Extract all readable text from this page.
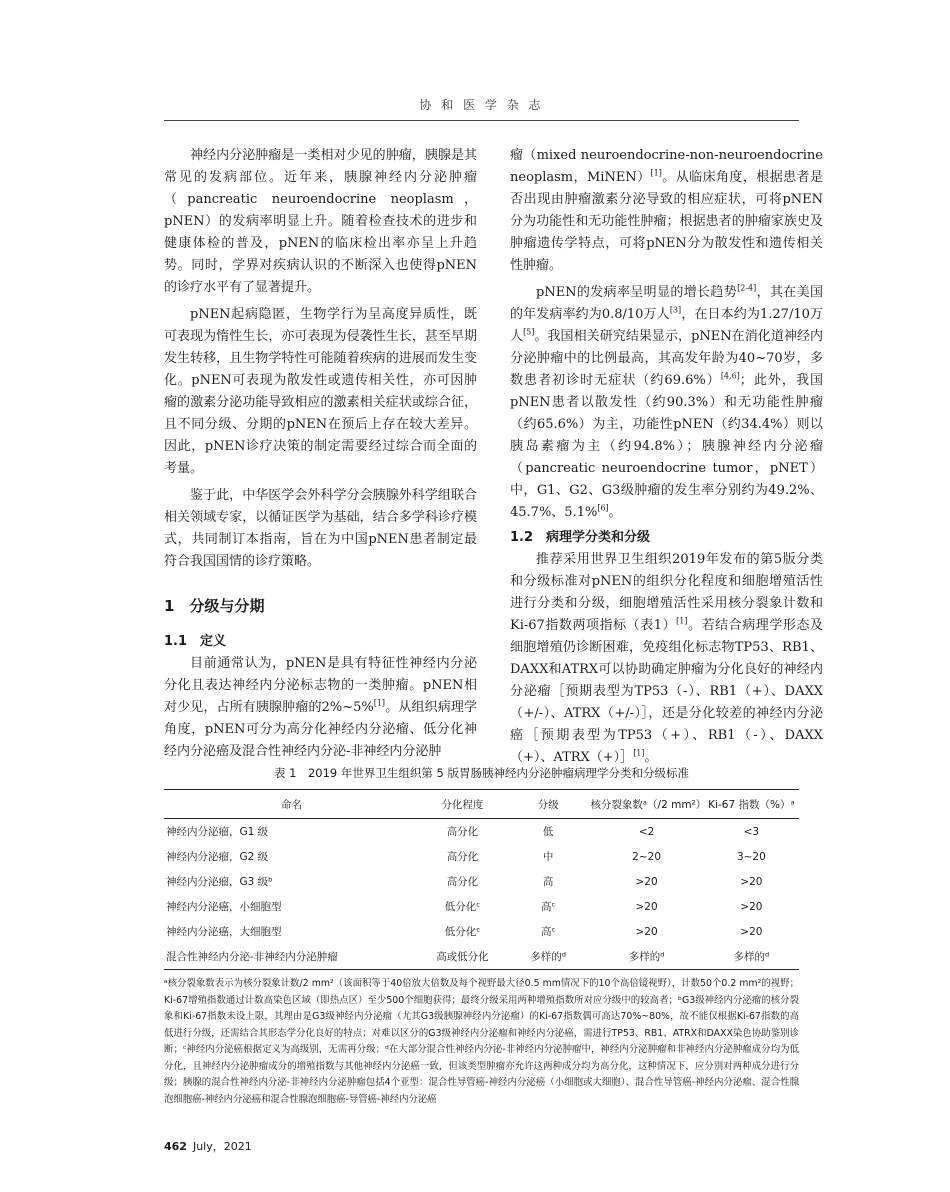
协 和 医 学 杂 志

神经内分泌肿瘤是一类相对少见的肿瘤，胰腺是其常见的发病部位。近年来，胰腺神经内分泌肿瘤（pancreatic neuroendocrine neoplasm，pNEN）的发病率明显上升。随着检查技术的进步和健康体检的普及，pNEN的临床检出率亦呈上升趋势。同时，学界对疾病认识的不断深入也使得pNEN的诊疗水平有了显著提升。

pNEN起病隐匿，生物学行为呈高度异质性，既可表现为惰性生长，亦可表现为侵袭性生长，甚至早期发生转移，且生物学特性可能随着疾病的进展而发生变化。pNEN可表现为散发性或遗传相关性，亦可因肿瘤的激素分泌功能导致相应的激素相关症状或综合征，且不同分级、分期的pNEN在预后上存在较大差异。因此，pNEN诊疗决策的制定需要经过综合而全面的考量。

鉴于此，中华医学会外科学分会胰腺外科学组联合相关领域专家，以循证医学为基础，结合多学科诊疗模式，共同制订本指南，旨在为中国pNEN患者制定最符合我国国情的诊疗策略。

1　分级与分期
1.1　定义

目前通常认为，pNEN是具有特征性神经内分泌分化且表达神经内分泌标志物的一类肿瘤。pNEN相对少见，占所有胰腺肿瘤的2%~5%[1]。从组织病理学角度，pNEN可分为高分化神经内分泌瘤、低分化神经内分泌癌及混合性神经内分泌-非神经内分泌肿

瘤（mixed neuroendocrine-non-neuroendocrine neoplasm，MiNEN）[1]。从临床角度，根据患者是否出现由肿瘤激素分泌导致的相应症状，可将pNEN分为功能性和无功能性肿瘤；根据患者的肿瘤家族史及肿瘤遗传学特点，可将pNEN分为散发性和遗传相关性肿瘤。

pNEN的发病率呈明显的增长趋势[2-4]，其在美国的年发病率约为0.8/10万人[3]，在日本约为1.27/10万人[5]。我国相关研究结果显示，pNEN在消化道神经内分泌肿瘤中的比例最高，其高发年龄为40~70岁，多数患者初诊时无症状（约69.6%）[4,6]；此外，我国pNEN患者以散发性（约90.3%）和无功能性肿瘤（约65.6%）为主，功能性pNEN（约34.4%）则以胰岛素瘤为主（约94.8%）；胰腺神经内分泌瘤（pancreatic neuroendocrine tumor，pNET）中，G1、G2、G3级肿瘤的发生率分别约为49.2%、45.7%、5.1%[6]。

1.2　病理学分类和分级

推荐采用世界卫生组织2019年发布的第5版分类和分级标准对pNEN的组织分化程度和细胞增殖活性进行分类和分级，细胞增殖活性采用核分裂象计数和Ki-67指数两项指标（表1）[1]。若结合病理学形态及细胞增殖仍诊断困难，免疫组化标志物TP53、RB1、DAXX和ATRX可以协助确定肿瘤为分化良好的神经内分泌瘤［预期表型为TP53（-）、RB1（+）、DAXX（+/-）、ATRX（+/-）］，还是分化较差的神经内分泌癌［预期表型为TP53（+）、RB1（-）、DAXX（+）、ATRX（+）］[1]。

表 1　2019 年世界卫生组织第 5 版胃肠胰神经内分泌肿瘤病理学分类和分级标准
命名	分化程度	分级	核分裂象数ᵃ（/2 mm²）	Ki-67 指数（%）ᵃ
神经内分泌瘤，G1 级	高分化	低	<2	<3
神经内分泌瘤，G2 级	高分化	中	2~20	3~20
神经内分泌瘤，G3 级ᵇ	高分化	高	>20	>20
神经内分泌癌，小细胞型	低分化ᶜ	高ᶜ	>20	>20
神经内分泌癌，大细胞型	低分化ᶜ	高ᶜ	>20	>20
混合性神经内分泌-非神经内分泌肿瘤	高或低分化	多样的ᵈ	多样的ᵈ	多样的ᵈ
ᵃ核分裂象数表示为核分裂象计数/2 mm²（该面积等于40倍放大倍数及每个视野最大径0.5 mm情况下的10个高倍镜视野），计数50个0.2 mm²的视野；Ki-67增殖指数通过计数高染色区域（即热点区）至少500个细胞获得；最终分级采用两种增殖指数所对应分级中的较高者；ᵇG3级神经内分泌瘤的核分裂象和Ki-67指数未设上限，其理由是G3级神经内分泌瘤（尤其G3级胰腺神经内分泌瘤）的Ki-67指数偶可高达70%~80%，故不能仅根据Ki-67指数的高低进行分级，还需结合其形态学分化良好的特点；对难以区分的G3级神经内分泌瘤和神经内分泌癌，需进行TP53、RB1、ATRX和DAXX染色协助鉴别诊断；ᶜ神经内分泌癌根据定义为高级别，无需再分级；ᵈ在大部分混合性神经内分泌-非神经内分泌肿瘤中，神经内分泌肿瘤和非神经内分泌肿瘤成分均为低分化，且神经内分泌肿瘤成分的增殖指数与其他神经内分泌癌一致，但该类型肿瘤亦允许这两种成分均为高分化，这种情况下，应分别对两种成分进行分级；胰腺的混合性神经内分泌-非神经内分泌肿瘤包括4个亚型：混合性导管癌-神经内分泌癌（小细胞或大细胞）、混合性导管癌-神经内分泌瘤、混合性腺泡细胞癌-神经内分泌癌和混合性腺泡细胞癌-导管癌-神经内分泌癌
462 July，2021
